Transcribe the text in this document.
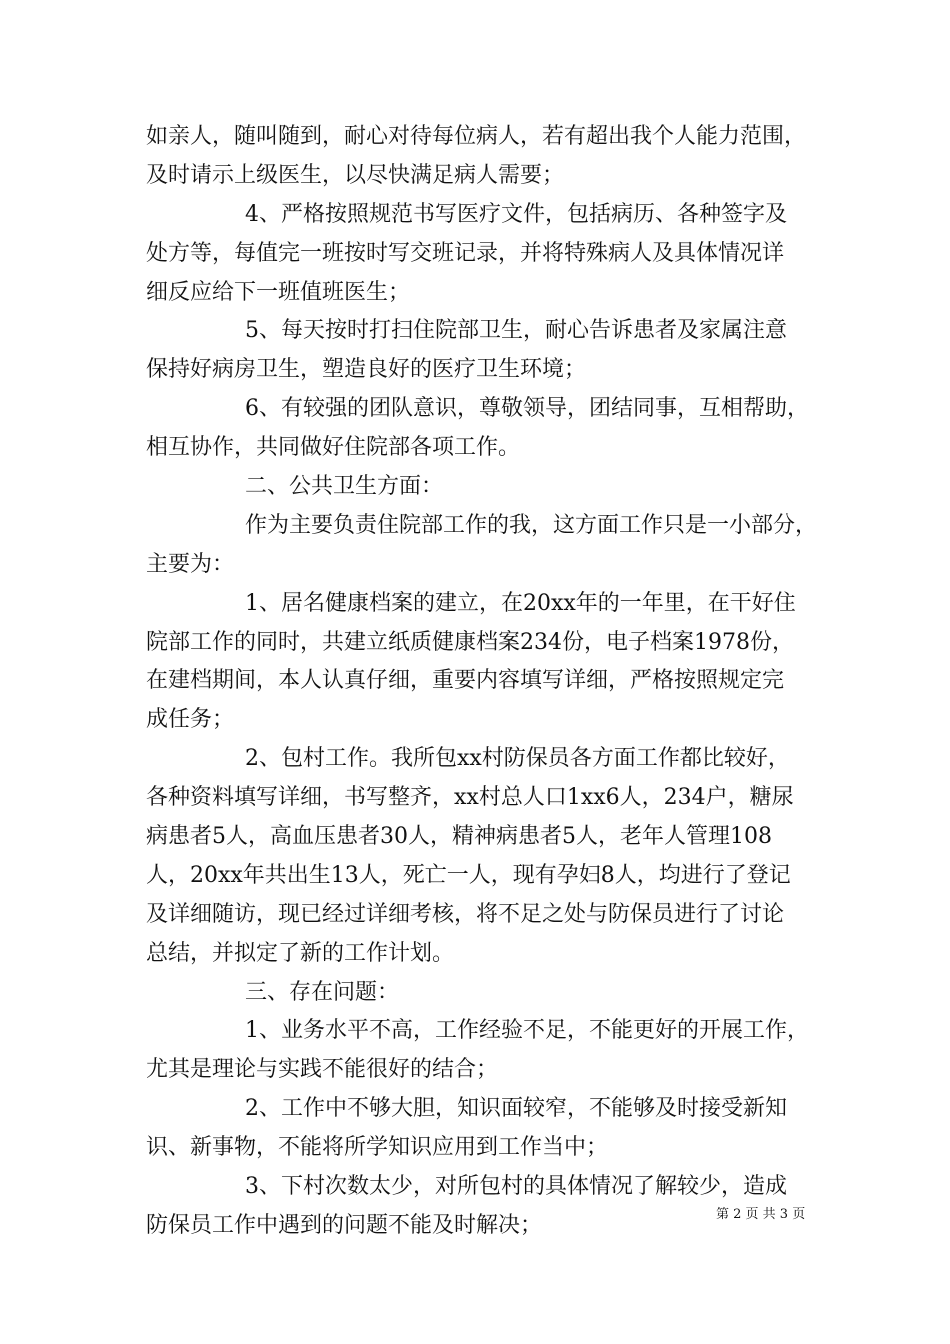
如亲人，随叫随到，耐心对待每位病人，若有超出我个人能力范围，
及时请示上级医生，以尽快满足病人需要；
4、严格按照规范书写医疗文件，包括病历、各种签字及
处方等，每值完一班按时写交班记录，并将特殊病人及具体情况详
细反应给下一班值班医生；
5、每天按时打扫住院部卫生，耐心告诉患者及家属注意
保持好病房卫生，塑造良好的医疗卫生环境；
6、有较强的团队意识，尊敬领导，团结同事，互相帮助，
相互协作，共同做好住院部各项工作。
二、公共卫生方面：
作为主要负责住院部工作的我，这方面工作只是一小部分，
主要为：
1、居名健康档案的建立，在20xx年的一年里，在干好住
院部工作的同时，共建立纸质健康档案234份，电子档案1978份，
在建档期间，本人认真仔细，重要内容填写详细，严格按照规定完
成任务；
2、包村工作。我所包xx村防保员各方面工作都比较好，
各种资料填写详细，书写整齐，xx村总人口1xx6人，234户，糖尿
病患者5人，高血压患者30人，精神病患者5人，老年人管理108
人，20xx年共出生13人，死亡一人，现有孕妇8人，均进行了登记
及详细随访，现已经过详细考核，将不足之处与防保员进行了讨论
总结，并拟定了新的工作计划。
三、存在问题：
1、业务水平不高，工作经验不足，不能更好的开展工作，
尤其是理论与实践不能很好的结合；
2、工作中不够大胆，知识面较窄，不能够及时接受新知
识、新事物，不能将所学知识应用到工作当中；
3、下村次数太少，对所包村的具体情况了解较少，造成
防保员工作中遇到的问题不能及时解决；	第 2 页 共 3 页
